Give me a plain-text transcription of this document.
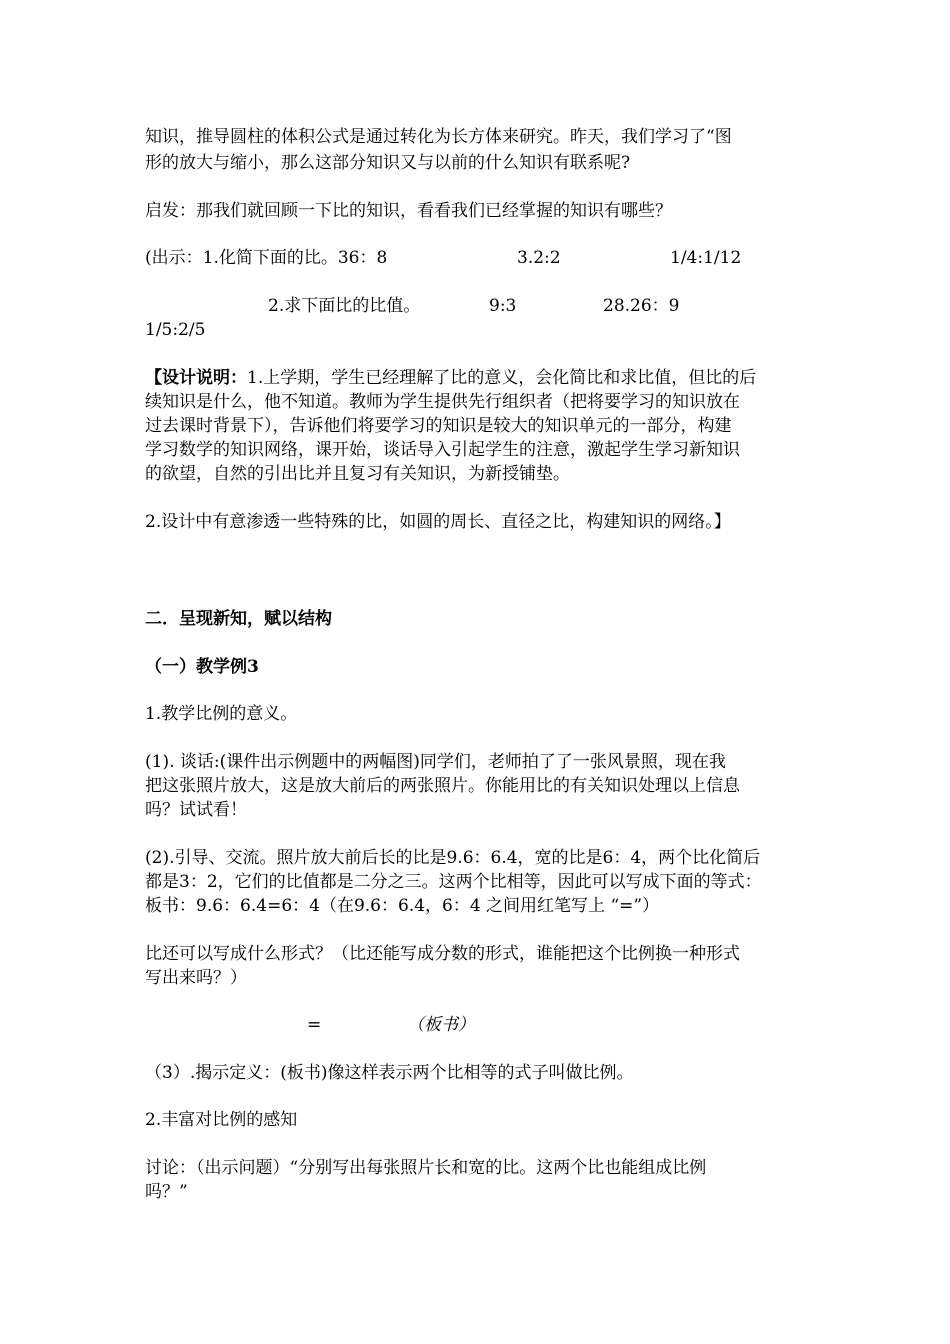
知识，推导圆柱的体积公式是通过转化为长方体来研究。昨天，我们学习了“图

形的放大与缩小，那么这部分知识又与以前的什么知识有联系呢?

启发：那我们就回顾一下比的知识，看看我们已经掌握的知识有哪些？

(出示：1.化简下面的比。36：8	3.2:2	1/4:1/12
2.求下面比的比值。	9:3	28.26：9

1/5:2/5

【设计说明：1.上学期，学生已经理解了比的意义，会化简比和求比值，但比的后

续知识是什么，他不知道。教师为学生提供先行组织者（把将要学习的知识放在

过去课时背景下），告诉他们将要学习的知识是较大的知识单元的一部分，构建

学习数学的知识网络，课开始，谈话导入引起学生的注意，激起学生学习新知识

的欲望，自然的引出比并且复习有关知识，为新授铺垫。

2.设计中有意渗透一些特殊的比，如圆的周长、直径之比，构建知识的网络。】

二．呈现新知，赋以结构

（一）教学例3

1.教学比例的意义。

(1). 谈话:(课件出示例题中的两幅图)同学们，老师拍了了一张风景照，现在我

把这张照片放大，这是放大前后的两张照片。你能用比的有关知识处理以上信息

吗？试试看！

(2).引导、交流。照片放大前后长的比是9.6：6.4，宽的比是6：4，两个比化简后

都是3：2，它们的比值都是二分之三。这两个比相等，因此可以写成下面的等式：

板书：9.6：6.4=6：4（在9.6：6.4，6：4 之间用红笔写上 “=”）

比还可以写成什么形式？（比还能写成分数的形式，谁能把这个比例换一种形式

写出来吗？）

=	（板书）

（3）.揭示定义：(板书)像这样表示两个比相等的式子叫做比例。

2.丰富对比例的感知

讨论：（出示问题）“分别写出每张照片长和宽的比。这两个比也能组成比例

吗？”
